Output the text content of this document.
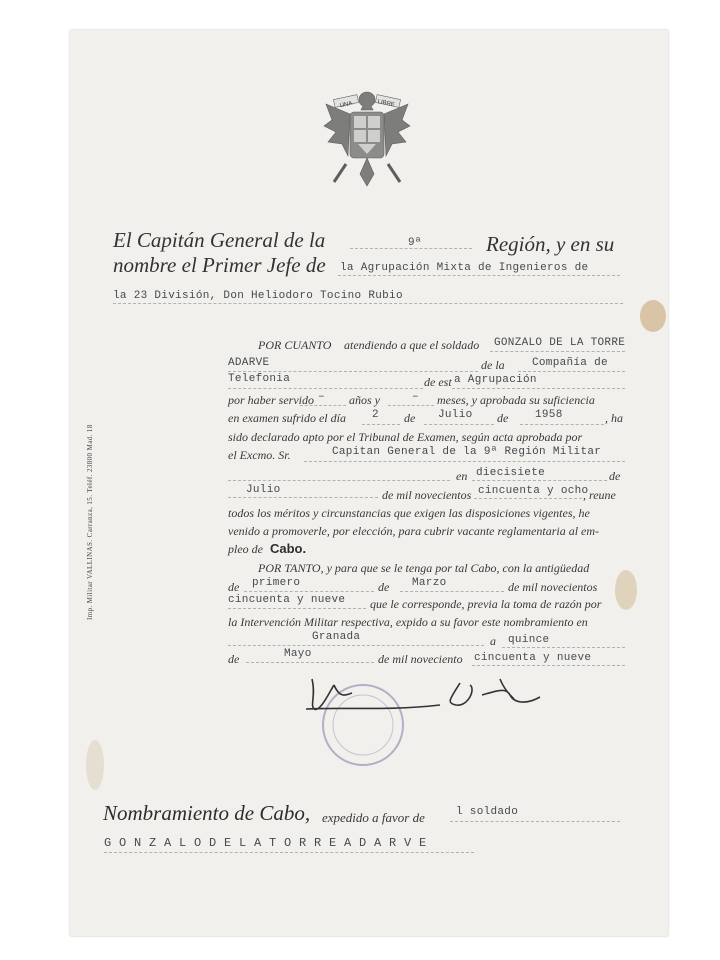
UNA	LIBRE
El Capitán General de la	9ª	Región, y en su
nombre el Primer Jefe de la Agrupación Mixta de Ingenieros de
la 23 División, Don Heliodoro Tocino Rubio
POR CUANTO atendiendo a que el soldado GONZALO DE LA TORRE
ADARVE	de la Compañía de
Telefonia	de est a Agrupación
por haber servido – años y	– meses, y aprobada su suficiencia
en examen sufrido el día 2 de Julio de 1958	, ha
sido declarado apto por el Tribunal de Examen, según acta aprobada por
el Excmo. Sr.	Capitan General de la 9ª Región Militar
en diecisiete	de
Julio	de mil novecientos cincuenta y ocho
, reune
todos los méritos y circunstancias que exigen las disposiciones vigentes, he
venido a promoverle, por elección, para cubrir vacante reglamentaria al em-
pleo de Cabo.
POR TANTO, y para que se le tenga por tal Cabo, con la antigüedad
de primero	de Marzo	de mil novecientos
cincuenta y nueve que le corresponde, previa la toma de razón por
la Intervención Militar respectiva, expido a su favor este nombramiento en
Granada	a quince
de	Mayo	de mil noveciento cincuenta y nueve
Imp. Militar VALLINAS. Carranza, 15. Teléf. 23800 Mad. 18
Nombramiento de Cabo, expedido a favor de	l soldado
G O N Z A L O D E L A T O R R E A D A R V E
